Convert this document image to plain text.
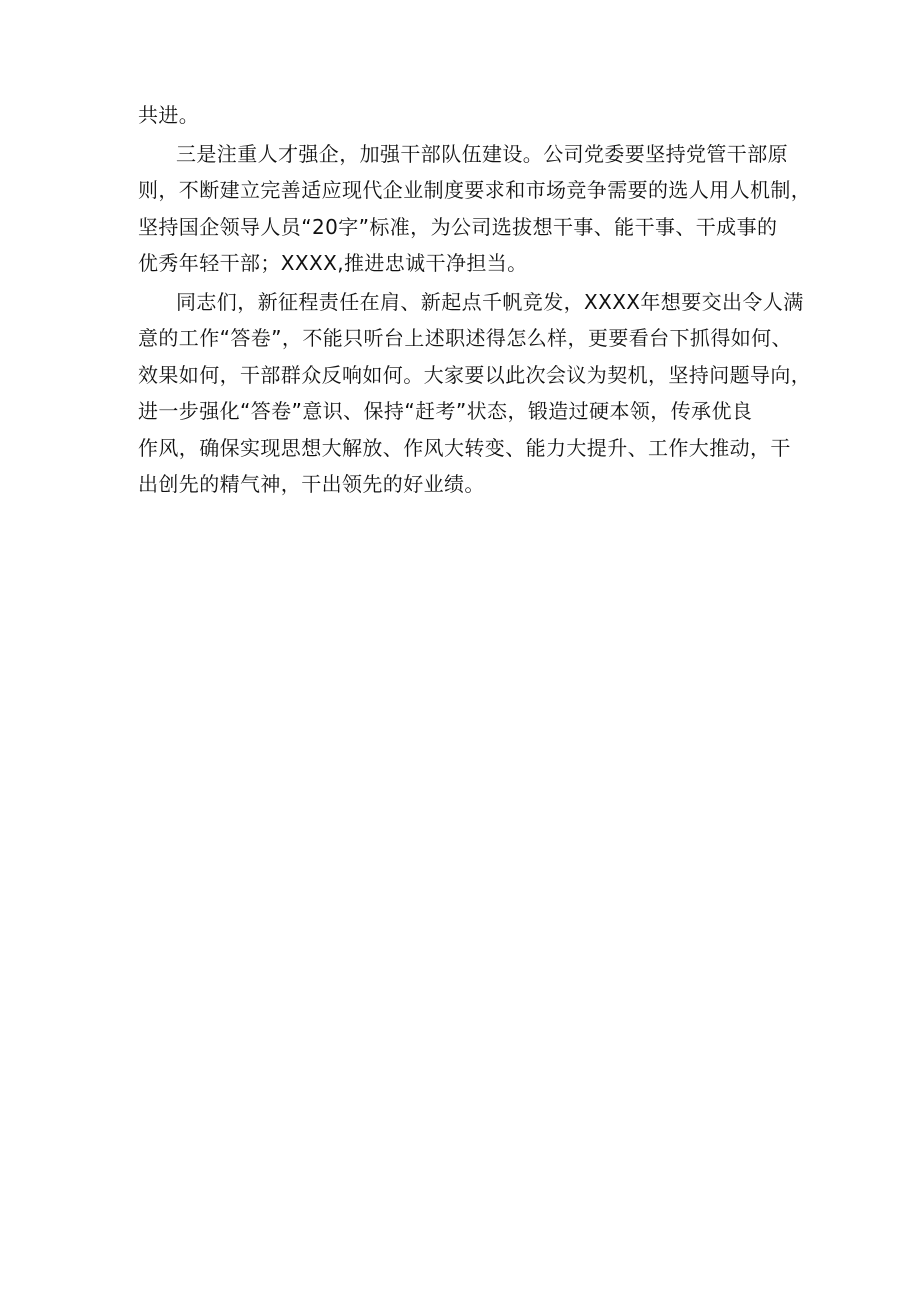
共进。
三是注重人才强企，加强干部队伍建设。公司党委要坚持党管干部原
则，不断建立完善适应现代企业制度要求和市场竞争需要的选人用人机制，
坚持国企领导人员“20字”标准，为公司选拔想干事、能干事、干成事的
优秀年轻干部；XXXX,推进忠诚干净担当。
同志们，新征程责任在肩、新起点千帆竞发，XXXX年想要交出令人满
意的工作“答卷”，不能只听台上述职述得怎么样，更要看台下抓得如何、
效果如何，干部群众反响如何。大家要以此次会议为契机，坚持问题导向，
进一步强化“答卷”意识、保持“赶考”状态，锻造过硬本领，传承优良
作风，确保实现思想大解放、作风大转变、能力大提升、工作大推动，干
出创先的精气神，干出领先的好业绩。
